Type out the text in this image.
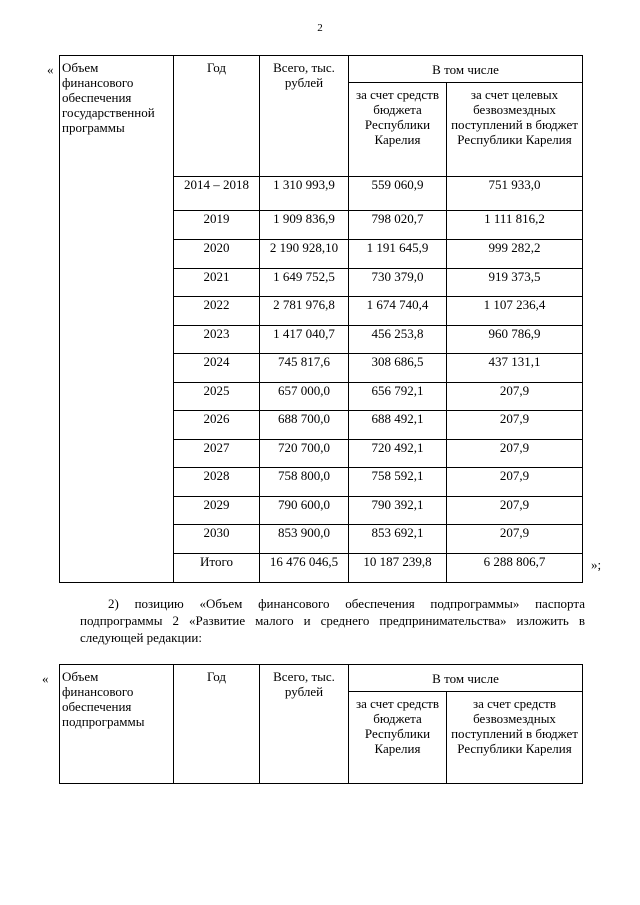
2
« Объем финансового обеспечения государственной программы	Год	Всего, тыс. рублей	В том числе	
			за счет средств бюджета Республики Карелия	за счет целевых безвозмездных поступлений в бюджет Республики Карелия
	2014 – 2018	1 310 993,9	559 060,9	751 933,0
	2019	1 909 836,9	798 020,7	1 111 816,2
	2020	2 190 928,10	1 191 645,9	999 282,2
	2021	1 649 752,5	730 379,0	919 373,5
	2022	2 781 976,8	1 674 740,4	1 107 236,4
	2023	1 417 040,7	456 253,8	960 786,9
	2024	745 817,6	308 686,5	437 131,1
	2025	657 000,0	656 792,1	207,9
	2026	688 700,0	688 492,1	207,9
	2027	720 700,0	720 492,1	207,9
	2028	758 800,0	758 592,1	207,9
	2029	790 600,0	790 392,1	207,9
	2030	853 900,0	853 692,1	207,9
	Итого	16 476 046,5	10 187 239,8	6 288 806,7	»;
2) позицию «Объем финансового обеспечения подпрограммы» паспорта
подпрограммы 2 «Развитие малого и среднего предпринимательства» изложить в
следующей редакции:
« Объем финансового обеспечения подпрограммы	Год	Всего, тыс. рублей	В том числе	
			за счет средств бюджета Республики Карелия	за счет средств безвозмездных поступлений в бюджет Республики Карелия
